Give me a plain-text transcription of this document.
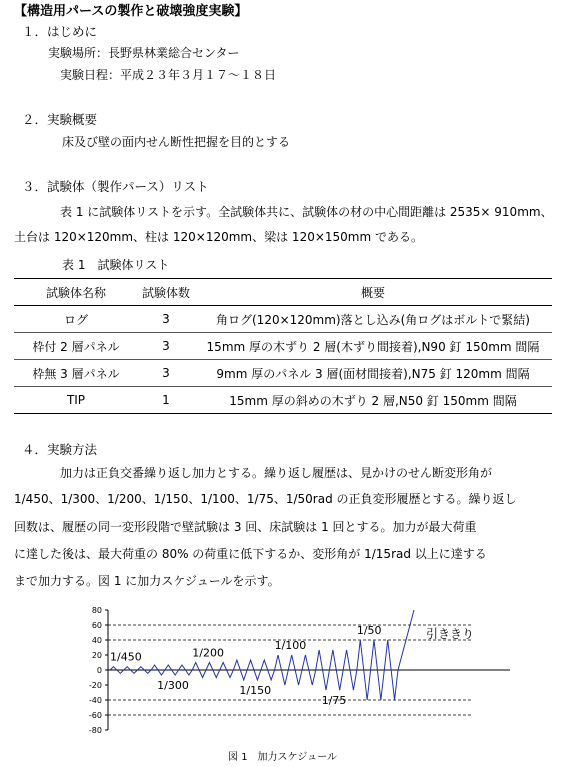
【構造用パースの製作と破壊強度実験】
１．はじめに
実験場所：長野県林業総合センター
実験日程：平成２３年３月１７～１８日
２．実験概要
床及び壁の面内せん断性把握を目的とする
３．試験体（製作パース）リスト
表 1 に試験体リストを示す。全試験体共に、試験体の材の中心間距離は 2535× 910mm、
土台は 120×120mm、柱は 120×120mm、梁は 120×150mm である。
表 1　試験体リスト
試験体名称	試験体数	概要
ログ	3	角ログ(120×120mm)落とし込み(角ログはボルトで緊結)
枠付 2 層パネル	3	15mm 厚の木ずり 2 層(木ずり間接着),N90 釘 150mm 間隔
枠無 3 層パネル	3	9mm 厚のパネル 3 層(面材間接着),N75 釘 120mm 間隔
TIP	1	15mm 厚の斜めの木ずり 2 層,N50 釘 150mm 間隔
４．実験方法
加力は正負交番繰り返し加力とする。繰り返し履歴は、見かけのせん断変形角が
1/450、1/300、1/200、1/150、1/100、1/75、1/50rad の正負変形履歴とする。繰り返し
回数は、履歴の同一変形段階で壁試験は 3 回、床試験は 1 回とする。加力が最大荷重
に達した後は、最大荷重の 80% の荷重に低下するか、変形角が 1/15rad 以上に達する
まで加力する。図 1 に加力スケジュールを示す。
80
60
40
20
0
-20
-40
-60
-80
1/450
1/300
1/200
1/150
1/100
1/75
1/50	引ききり
図 1　加力スケジュール
